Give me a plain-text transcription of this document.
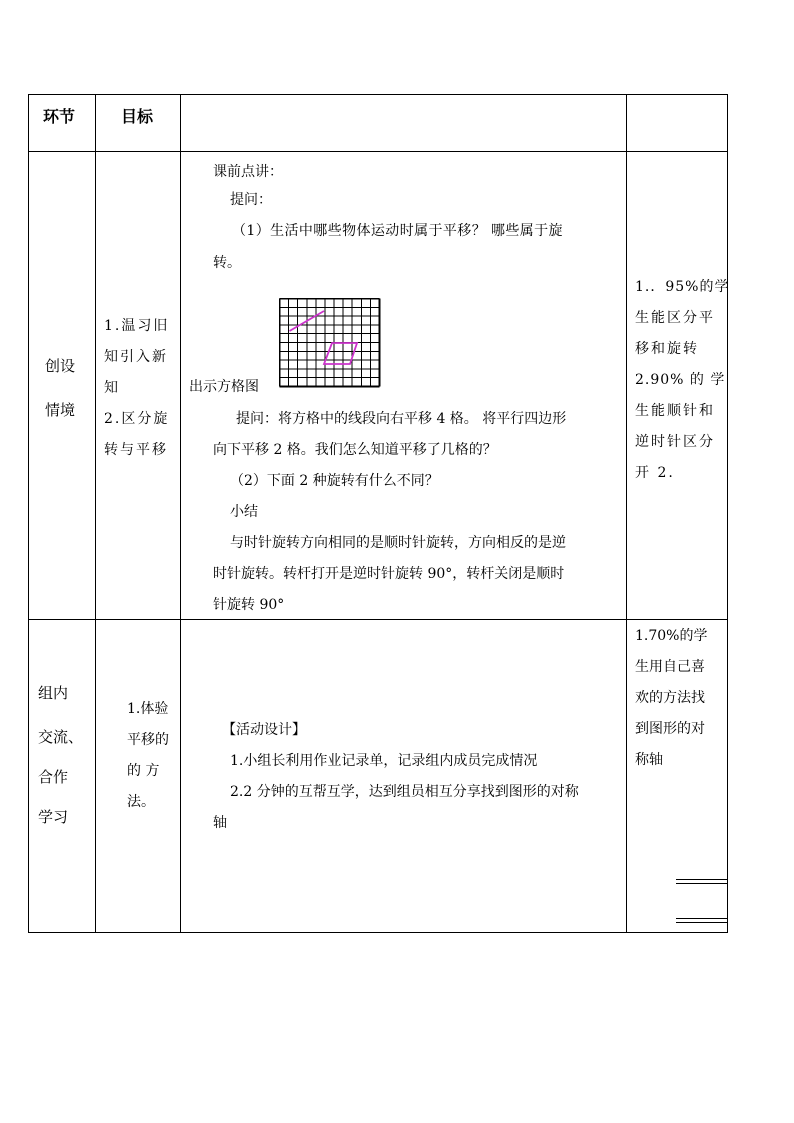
环节	目标
创设
情境
1.温习旧
知引入新
知
2.区分旋
转与平移
课前点讲：
提问：
（1）生活中哪些物体运动时属于平移？ 哪些属于旋
转。
出示方格图
提问：将方格中的线段向右平移 4 格。 将平行四边形
向下平移 2 格。我们怎么知道平移了几格的？
（2）下面 2 种旋转有什么不同？
小结
与时针旋转方向相同的是顺时针旋转，方向相反的是逆
时针旋转。转杆打开是逆时针旋转 90°，转杆关闭是顺时
针旋转 90°
1.．95%的学
生能区分平
移和旋转
2.90% 的 学
生能顺针和
逆时针区分
开 2.
组内
交流、
合作
学习
1.体验
平移的
的 方
法。
【活动设计】
1.小组长利用作业记录单，记录组内成员完成情况
2.2 分钟的互帮互学，达到组员相互分享找到图形的对称
轴
1.70%的学
生用自己喜
欢的方法找
到图形的对
称轴
